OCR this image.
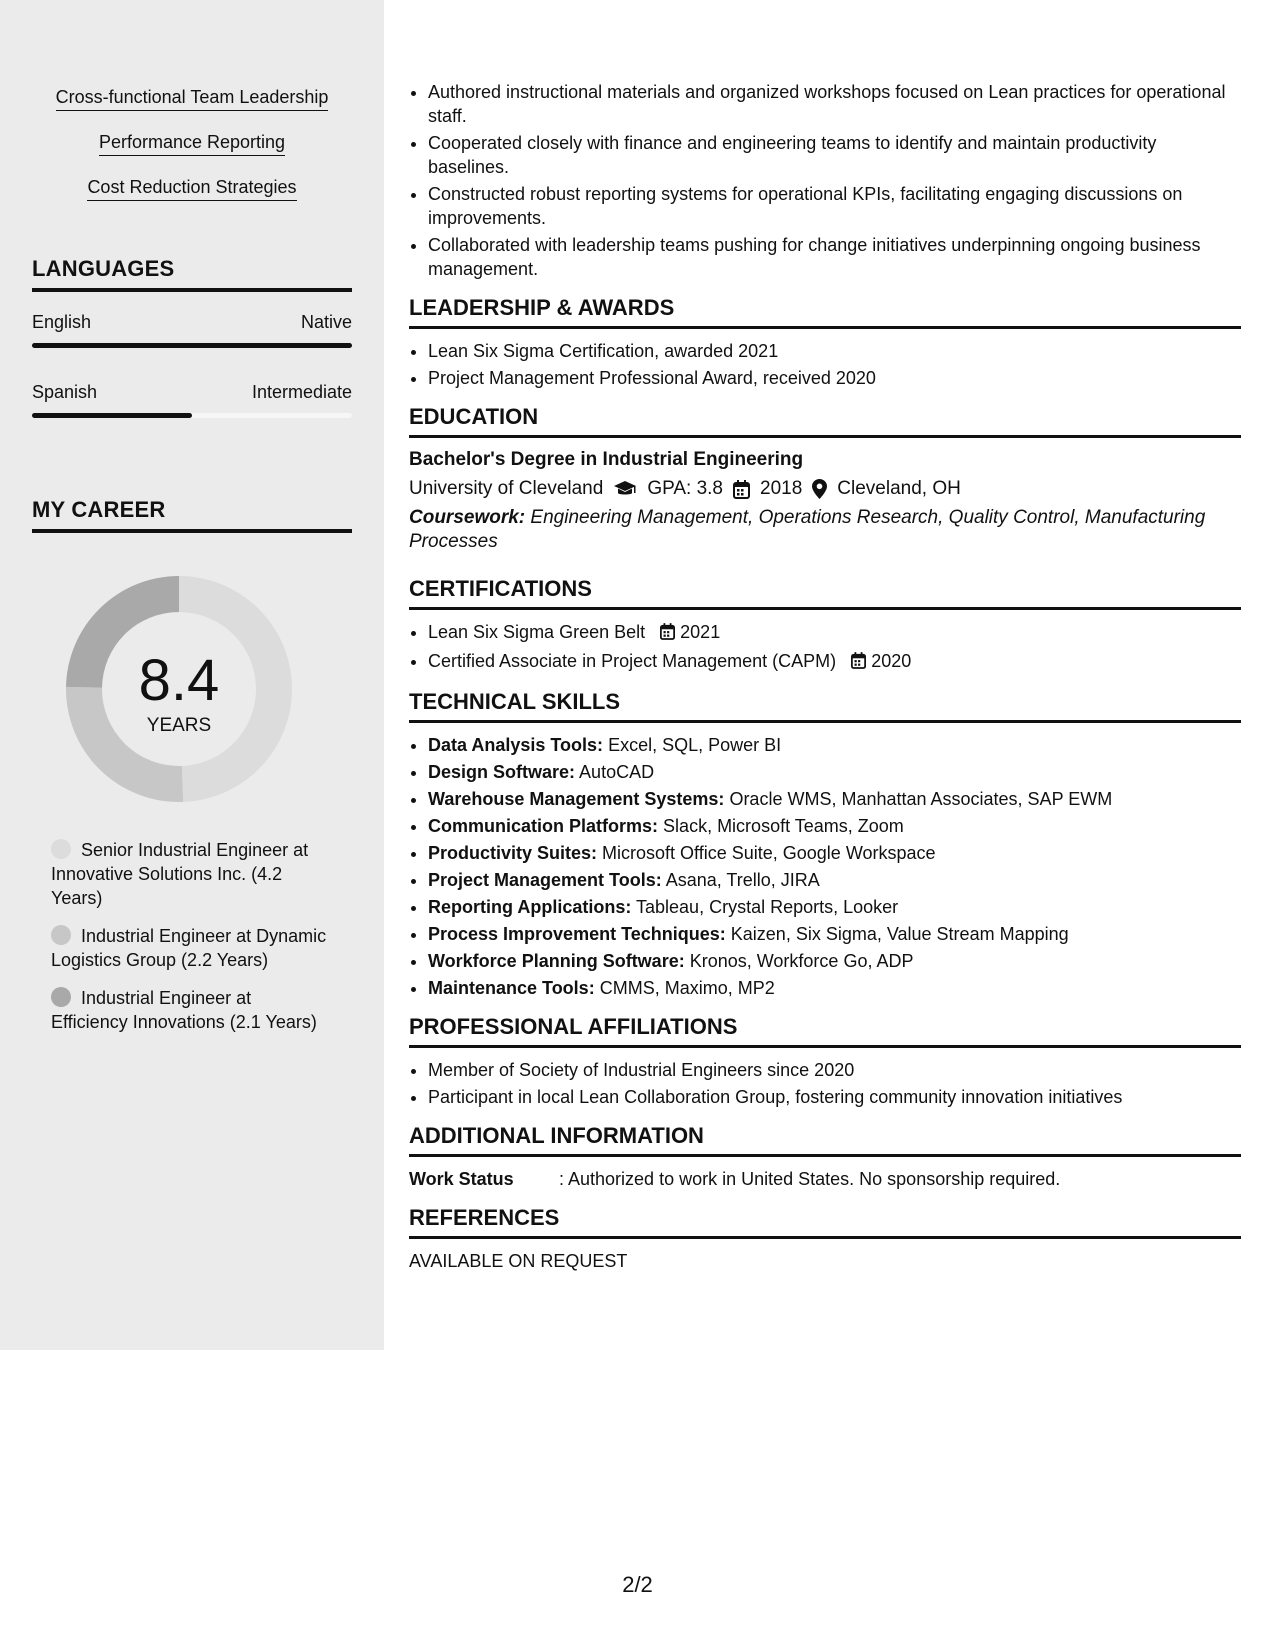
Cross-functional Team Leadership
Performance Reporting
Cost Reduction Strategies
LANGUAGES
English	Native
Spanish	Intermediate
MY CAREER
8.4
YEARS
Senior Industrial Engineer at Innovative Solutions Inc. (4.2 Years)
Industrial Engineer at Dynamic Logistics Group (2.2 Years)
Industrial Engineer at Efficiency Innovations (2.1 Years)
• Authored instructional materials and organized workshops focused on Lean practices for operational staff.
• Cooperated closely with finance and engineering teams to identify and maintain productivity baselines.
• Constructed robust reporting systems for operational KPIs, facilitating engaging discussions on improvements.
• Collaborated with leadership teams pushing for change initiatives underpinning ongoing business management.
LEADERSHIP & AWARDS
• Lean Six Sigma Certification, awarded 2021
• Project Management Professional Award, received 2020
EDUCATION
Bachelor's Degree in Industrial Engineering
University of Cleveland GPA: 3.8 2018 Cleveland, OH
Coursework: Engineering Management, Operations Research, Quality Control, Manufacturing Processes
CERTIFICATIONS
• Lean Six Sigma Green Belt 2021
• Certified Associate in Project Management (CAPM) 2020
TECHNICAL SKILLS
• Data Analysis Tools: Excel, SQL, Power BI
• Design Software: AutoCAD
• Warehouse Management Systems: Oracle WMS, Manhattan Associates, SAP EWM
• Communication Platforms: Slack, Microsoft Teams, Zoom
• Productivity Suites: Microsoft Office Suite, Google Workspace
• Project Management Tools: Asana, Trello, JIRA
• Reporting Applications: Tableau, Crystal Reports, Looker
• Process Improvement Techniques: Kaizen, Six Sigma, Value Stream Mapping
• Workforce Planning Software: Kronos, Workforce Go, ADP
• Maintenance Tools: CMMS, Maximo, MP2
PROFESSIONAL AFFILIATIONS
• Member of Society of Industrial Engineers since 2020
• Participant in local Lean Collaboration Group, fostering community innovation initiatives
ADDITIONAL INFORMATION
Work Status	: Authorized to work in United States. No sponsorship required.
REFERENCES
AVAILABLE ON REQUEST
2/2
